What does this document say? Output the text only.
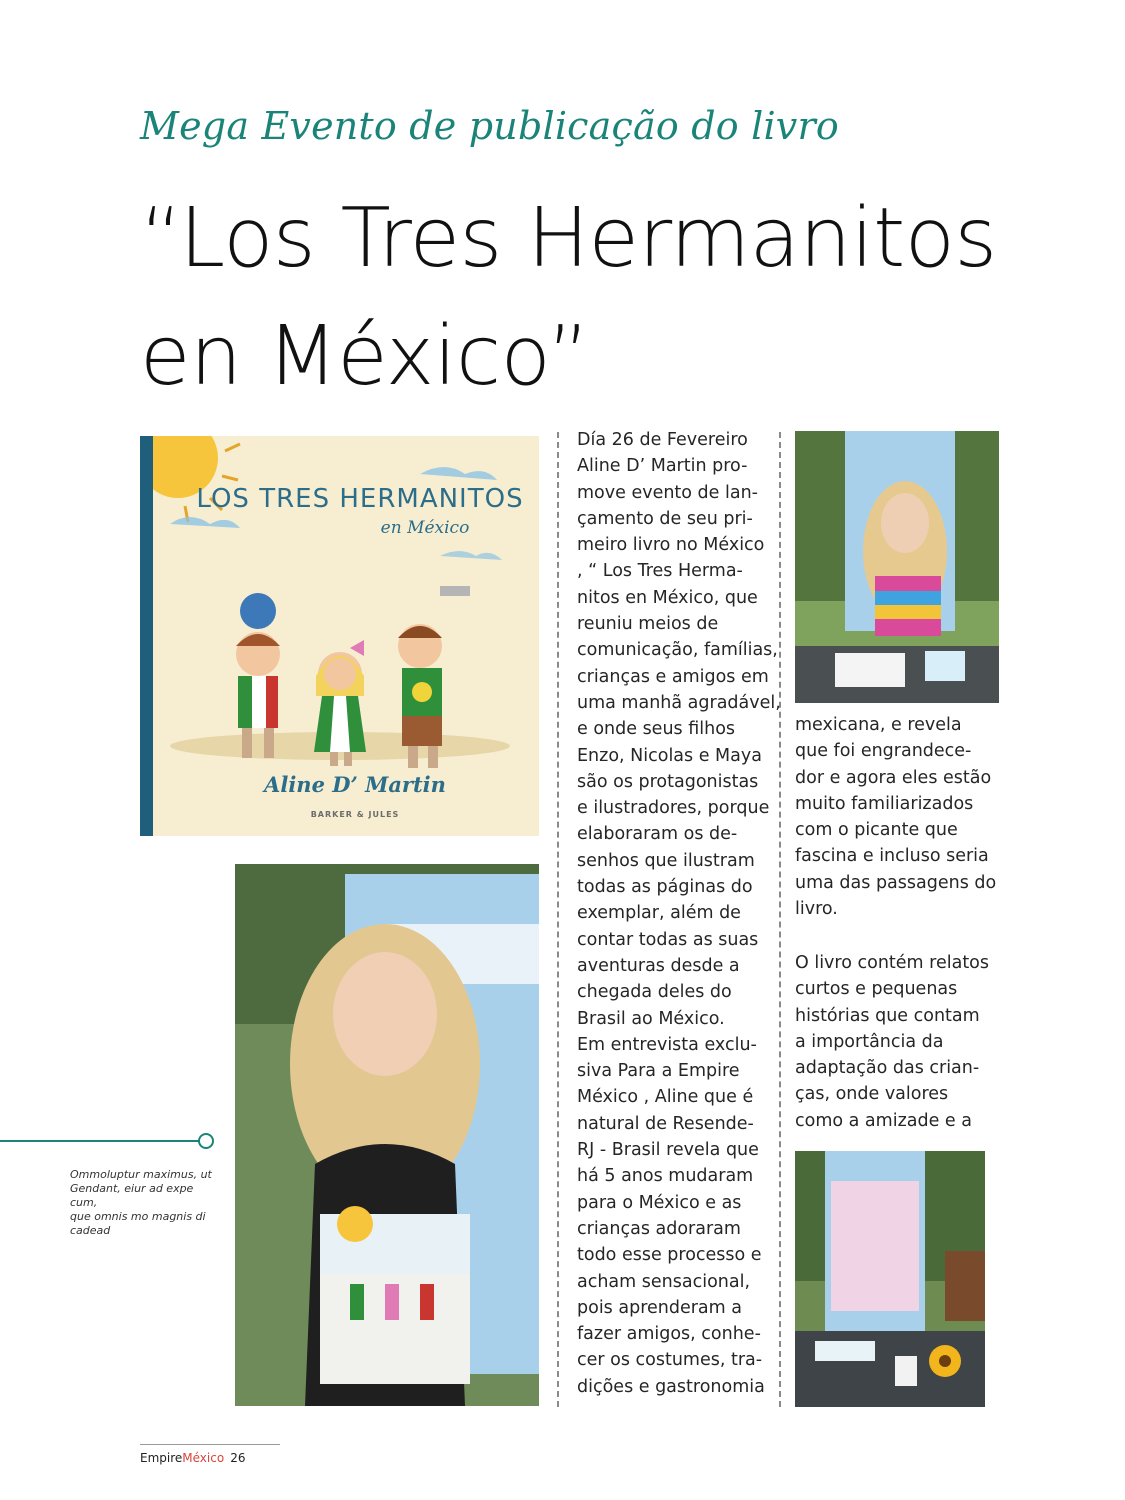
Mega Evento de publicação do livro
“Los Tres Hermanitos
en México”
LOS TRES HERMANITOS
en México
Aline D’ Martin
BARKER & JULES

Día 26 de Fevereiro

Aline D’ Martin pro-

move evento de lan-

çamento de seu pri-

meiro livro no México

, “ Los Tres Herma-

nitos en México, que

reuniu meios de

comunicação, famílias,

crianças e amigos em

uma manhã agradável,

e onde seus filhos

Enzo, Nicolas e Maya

são os protagonistas

e ilustradores, porque

elaboraram os de-

senhos que ilustram

todas as páginas do

exemplar, além de

contar todas as suas

aventuras desde a

chegada deles do

Brasil ao México.

Em entrevista exclu-

siva Para a Empire

México , Aline que é

natural de Resende-

RJ - Brasil revela que

há 5 anos mudaram

para o México e as

crianças adoraram

todo esse processo e

acham sensacional,

pois aprenderam a

fazer amigos, conhe-

cer os costumes, tra-

dições e gastronomia

mexicana, e revela

que foi engrandece-

dor e agora eles estão

muito familiarizados

com o picante que

fascina e incluso seria

uma das passagens do

livro.

O livro contém relatos

curtos e pequenas

histórias que contam

a importância da

adaptação das crian-

ças, onde valores

como a amizade e a

Ommoluptur maximus, ut
Gendant, eiur ad expe cum,
que omnis mo magnis di
cadead
EmpireMéxico 26
